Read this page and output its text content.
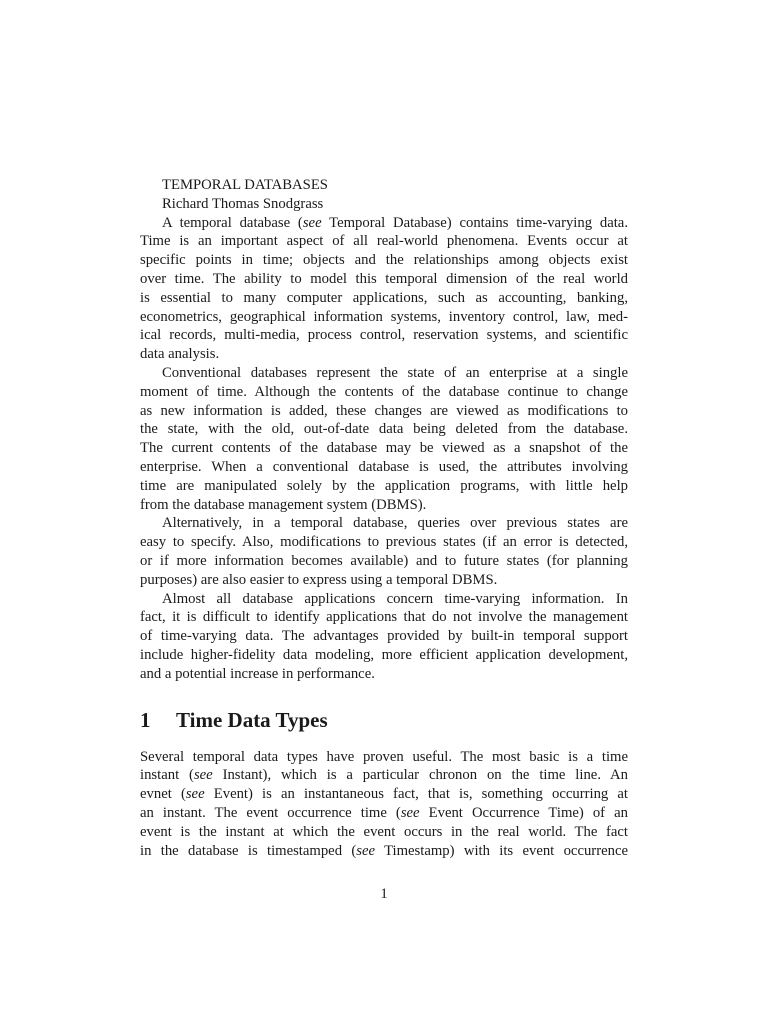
TEMPORAL DATABASES
Richard Thomas Snodgrass
A temporal database (see Temporal Database) contains time-varying data.
Time is an important aspect of all real-world phenomena. Events occur at
specific points in time; objects and the relationships among objects exist
over time. The ability to model this temporal dimension of the real world
is essential to many computer applications, such as accounting, banking,
econometrics, geographical information systems, inventory control, law, med-
ical records, multi-media, process control, reservation systems, and scientific
data analysis.
Conventional databases represent the state of an enterprise at a single
moment of time. Although the contents of the database continue to change
as new information is added, these changes are viewed as modifications to
the state, with the old, out-of-date data being deleted from the database.
The current contents of the database may be viewed as a snapshot of the
enterprise. When a conventional database is used, the attributes involving
time are manipulated solely by the application programs, with little help
from the database management system (DBMS).
Alternatively, in a temporal database, queries over previous states are
easy to specify. Also, modifications to previous states (if an error is detected,
or if more information becomes available) and to future states (for planning
purposes) are also easier to express using a temporal DBMS.
Almost all database applications concern time-varying information. In
fact, it is difficult to identify applications that do not involve the management
of time-varying data. The advantages provided by built-in temporal support
include higher-fidelity data modeling, more efficient application development,
and a potential increase in performance.
1	Time Data Types
Several temporal data types have proven useful. The most basic is a time
instant (see Instant), which is a particular chronon on the time line. An
evnet (see Event) is an instantaneous fact, that is, something occurring at
an instant. The event occurrence time (see Event Occurrence Time) of an
event is the instant at which the event occurs in the real world. The fact
in the database is timestamped (see Timestamp) with its event occurrence
1
